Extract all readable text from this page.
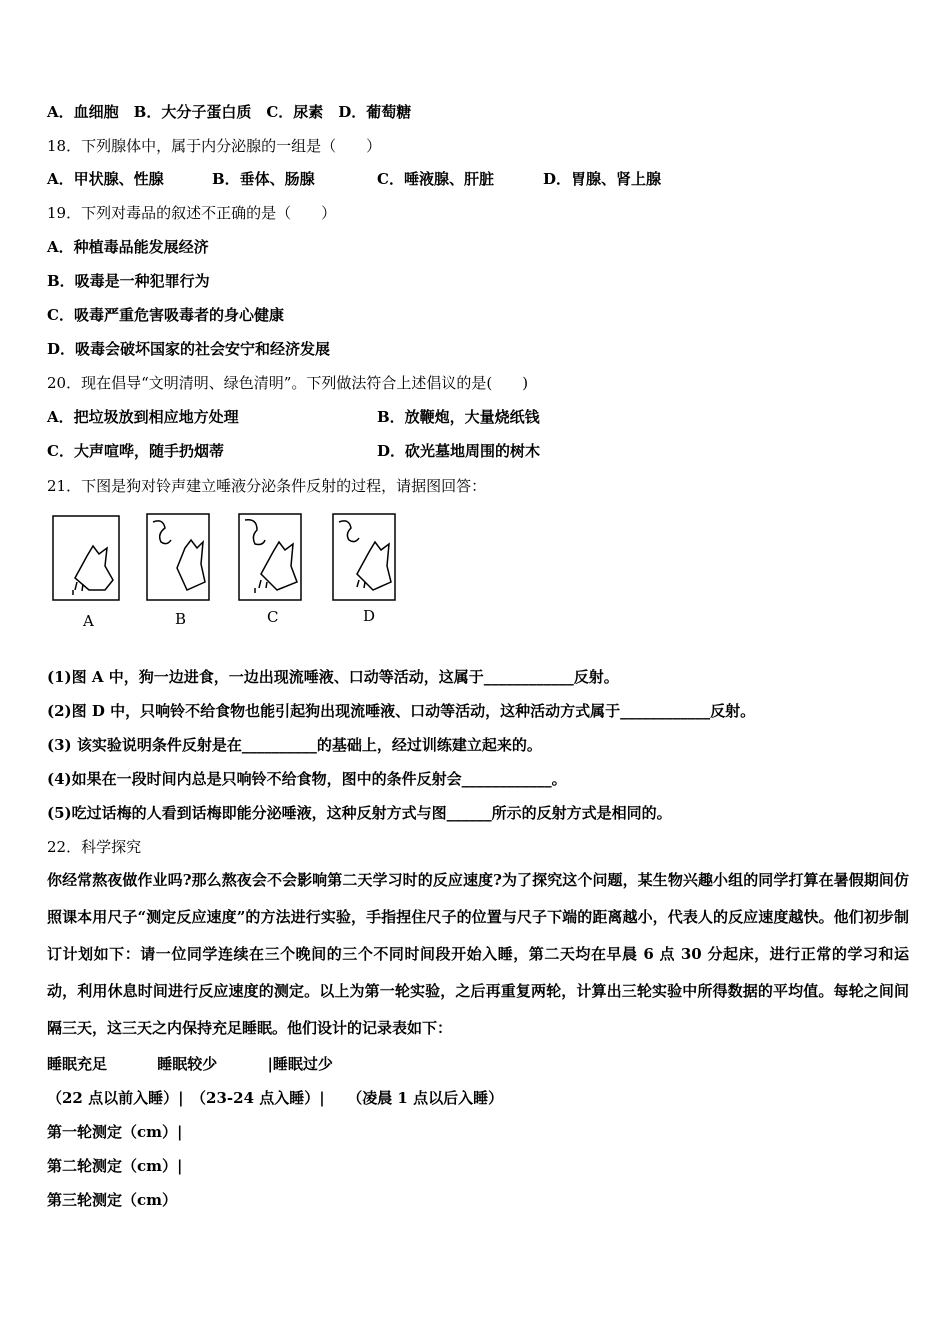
A．血细胞　B．大分子蛋白质　C．尿素　D．葡萄糖
18．下列腺体中，属于内分泌腺的一组是（　　）
A．甲状腺、性腺	B．垂体、肠腺	C．唾液腺、肝脏	D．胃腺、肾上腺
19．下列对毒品的叙述不正确的是（　　）
A．种植毒品能发展经济
B．吸毒是一种犯罪行为
C．吸毒严重危害吸毒者的身心健康
D．吸毒会破坏国家的社会安宁和经济发展
20．现在倡导“文明清明、绿色清明”。下列做法符合上述倡议的是(　　)
A．把垃圾放到相应地方处理	B．放鞭炮，大量烧纸钱
C．大声喧哗，随手扔烟蒂	D．砍光墓地周围的树木
21．下图是狗对铃声建立唾液分泌条件反射的过程，请据图回答：
A	B	C	D
(1)图 A 中，狗一边进食，一边出现流唾液、口动等活动，这属于____________反射。
(2)图 D 中，只响铃不给食物也能引起狗出现流唾液、口动等活动，这种活动方式属于____________反射。
(3) 该实验说明条件反射是在__________的基础上，经过训练建立起来的。
(4)如果在一段时间内总是只响铃不给食物，图中的条件反射会____________。
(5)吃过话梅的人看到话梅即能分泌唾液，这种反射方式与图______所示的反射方式是相同的。
22．科学探究
你经常熬夜做作业吗?那么熬夜会不会影响第二天学习时的反应速度?为了探究这个问题，某生物兴趣小组的同学打算在暑假期间仿照课本用尺子“测定反应速度”的方法进行实验，手指捏住尺子的位置与尺子下端的距离越小，代表人的反应速度越快。他们初步制订计划如下：请一位同学连续在三个晚间的三个不同时间段开始入睡，第二天均在早晨 6 点 30 分起床，进行正常的学习和运动，利用休息时间进行反应速度的测定。以上为第一轮实验，之后再重复两轮，计算出三轮实验中所得数据的平均值。每轮之间间隔三天，这三天之内保持充足睡眠。他们设计的记录表如下：
睡眠充足　　　 睡眠较少　　　 |睡眠过少
（22 点以前入睡）|　（23-24 点入睡）|　　（凌晨 1 点以后入睡）
第一轮测定（cm）|
第二轮测定（cm）|
第三轮测定（cm）
